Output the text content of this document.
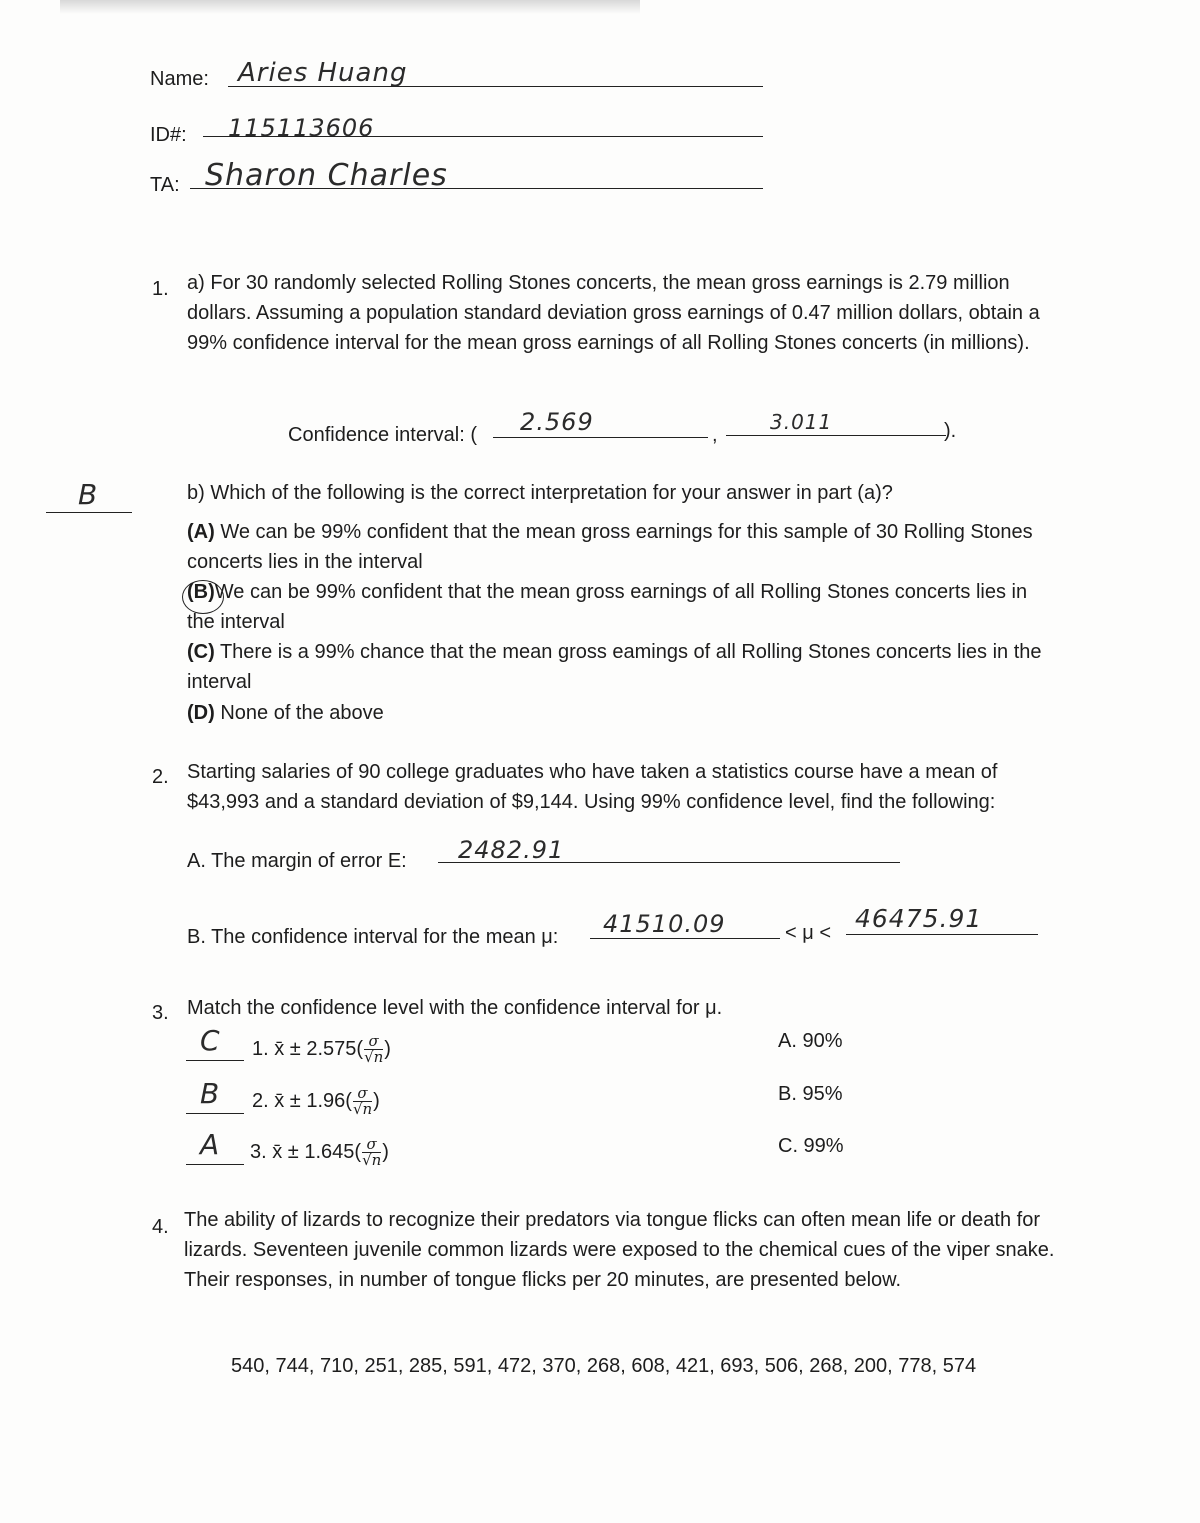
Name: Aries Huang
ID#: 115113606
TA: Sharon Charles
1. a) For 30 randomly selected Rolling Stones concerts, the mean gross earnings is 2.79 million dollars. Assuming a population standard deviation gross earnings of 0.47 million dollars, obtain a 99% confidence interval for the mean gross earnings of all Rolling Stones concerts (in millions).
Confidence interval: ( 2.569	,
3.011	).
B	b) Which of the following is the correct interpretation for your answer in part (a)?
(A) We can be 99% confident that the mean gross earnings for this sample of 30 Rolling Stones concerts lies in the interval
(B)We can be 99% confident that the mean gross earnings of all Rolling Stones concerts lies in the interval
(C) There is a 99% chance that the mean gross eamings of all Rolling Stones concerts lies in the interval
(D) None of the above
2. Starting salaries of 90 college graduates who have taken a statistics course have a mean of $43,993 and a standard deviation of $9,144. Using 99% confidence level, find the following:
A. The margin of error E: 2482.91
B. The confidence interval for the mean μ: 41510.09	< μ < 46475.91
3. Match the confidence level with the confidence interval for μ.
C 1. x̄ ± $2.575( \frac{\sigma}{√n}$ )
B 2. x̄ ± $1.96( \frac{\sigma}{√n}$ )
A 3. x̄ ± $1.645( \frac{\sigma}{√n}$ )
A. 90%
B. 95%
C. 99%
4. The ability of lizards to recognize their predators via tongue flicks can often mean life or death for lizards. Seventeen juvenile common lizards were exposed to the chemical cues of the viper snake. Their responses, in number of tongue flicks per 20 minutes, are presented below.
540, 744, 710, 251, 285, 591, 472, 370, 268, 608, 421, 693, 506, 268, 200, 778, 574
